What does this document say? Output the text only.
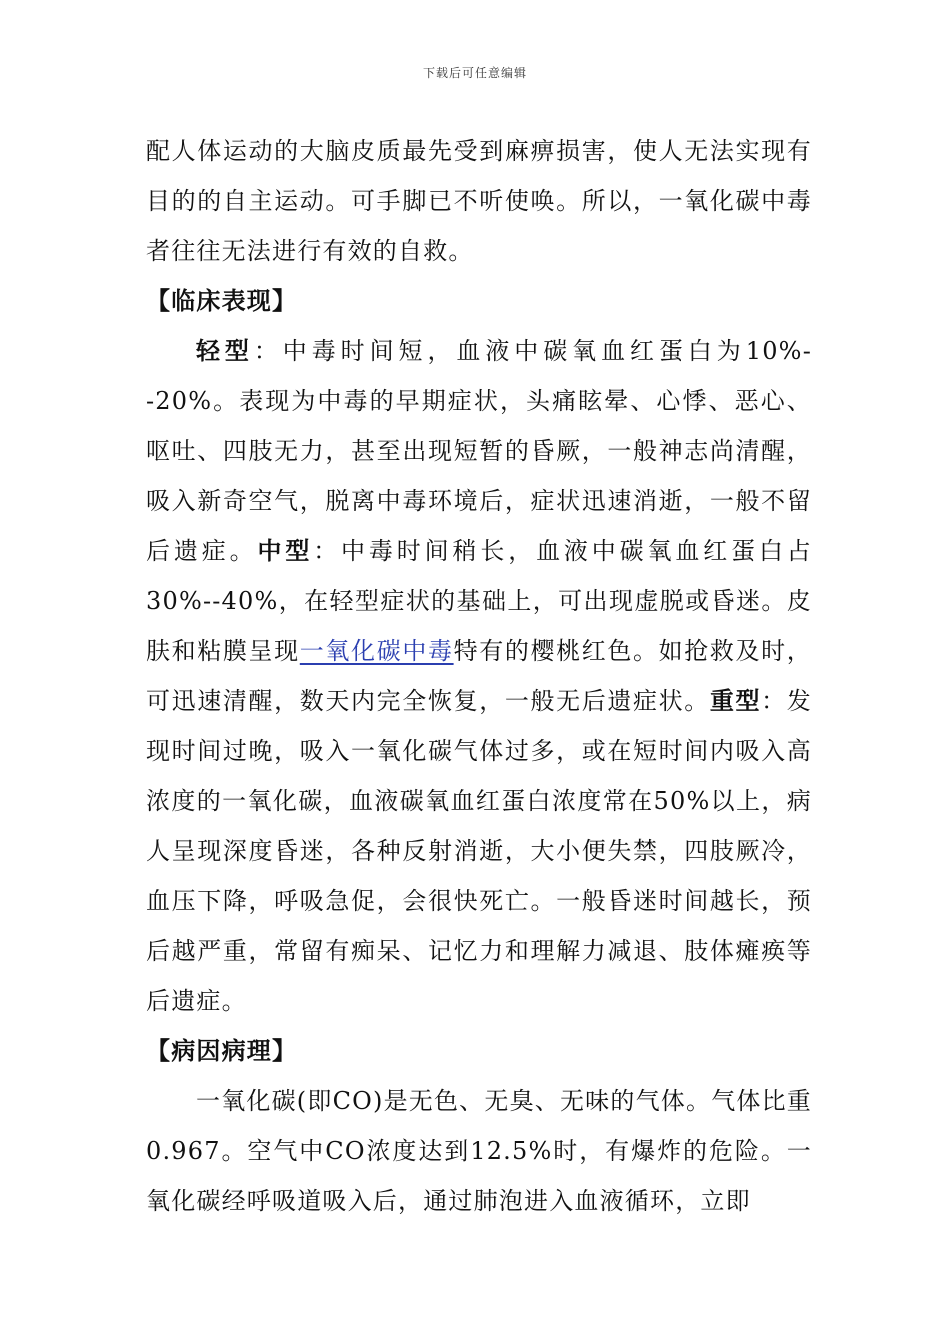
下载后可任意编辑

配人体运动的大脑皮质最先受到麻痹损害，使人无法实现有目的的自主运动。可手脚已不听使唤。所以，一氧化碳中毒者往往无法进行有效的自救。

【临床表现】

轻型：中毒时间短，血液中碳氧血红蛋白为10%--20%。表现为中毒的早期症状，头痛眩晕、心悸、恶心、呕吐、四肢无力，甚至出现短暂的昏厥，一般神志尚清醒，吸入新奇空气，脱离中毒环境后，症状迅速消逝，一般不留后遗症。中型：中毒时间稍长，血液中碳氧血红蛋白占30%--40%，在轻型症状的基础上，可出现虚脱或昏迷。皮肤和粘膜呈现一氧化碳中毒特有的樱桃红色。如抢救及时，可迅速清醒，数天内完全恢复，一般无后遗症状。重型：发现时间过晚，吸入一氧化碳气体过多，或在短时间内吸入高浓度的一氧化碳，血液碳氧血红蛋白浓度常在50%以上，病人呈现深度昏迷，各种反射消逝，大小便失禁，四肢厥冷，血压下降，呼吸急促，会很快死亡。一般昏迷时间越长，预后越严重，常留有痴呆、记忆力和理解力减退、肢体瘫痪等后遗症。

【病因病理】

一氧化碳(即CO)是无色、无臭、无味的气体。气体比重0.967。空气中CO浓度达到12.5%时，有爆炸的危险。一氧化碳经呼吸道吸入后，通过肺泡进入血液循环，立即
